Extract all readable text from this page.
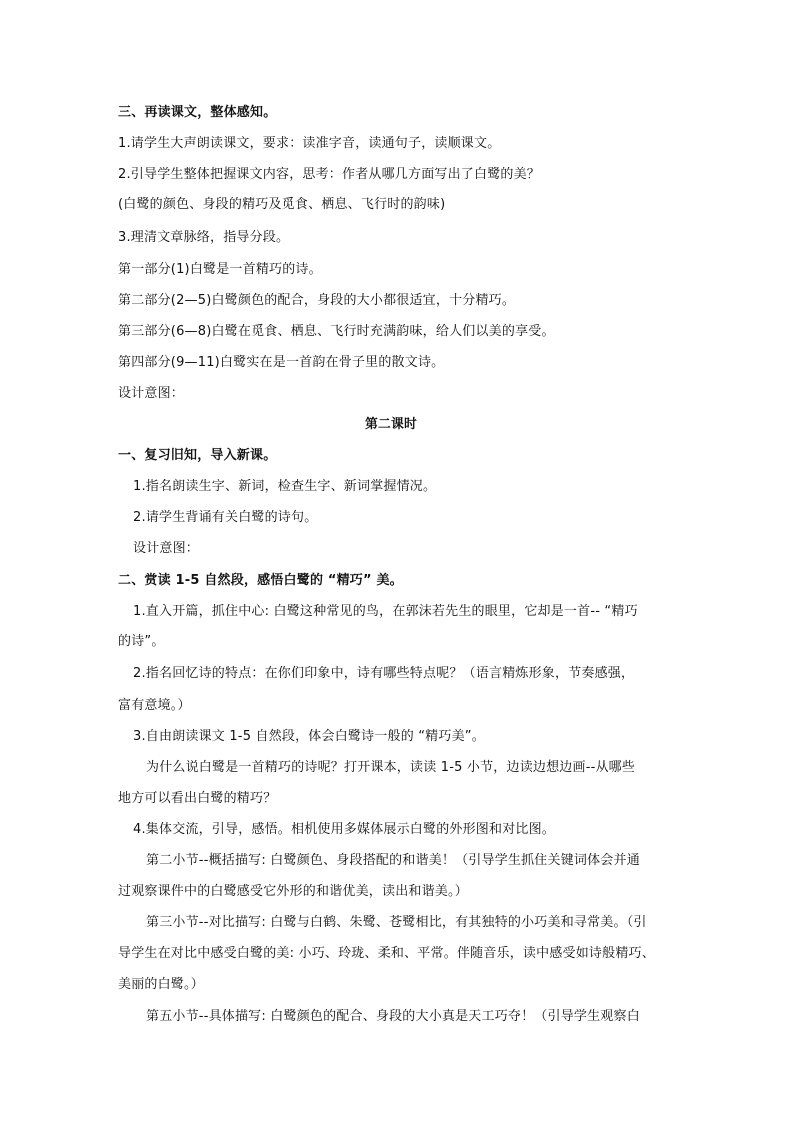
三、再读课文，整体感知。
1.请学生大声朗读课文，要求：读准字音，读通句子，读顺课文。
2.引导学生整体把握课文内容，思考：作者从哪几方面写出了白鹭的美？
(白鹭的颜色、身段的精巧及觅食、栖息、飞行时的韵味)
3.理清文章脉络，指导分段。
第一部分(1)白鹭是一首精巧的诗。
第二部分(2—5)白鹭颜色的配合，身段的大小都很适宜，十分精巧。
第三部分(6—8)白鹭在觅食、栖息、飞行时充满韵味，给人们以美的享受。
第四部分(9—11)白鹭实在是一首韵在骨子里的散文诗。
设计意图：
第二课时
一、复习旧知，导入新课。
1.指名朗读生字、新词，检查生字、新词掌握情况。
2.请学生背诵有关白鹭的诗句。
设计意图：
二、赏读 1-5 自然段，感悟白鹭的 “精巧” 美。
1.直入开篇，抓住中心: 白鹭这种常见的鸟，在郭沫若先生的眼里，它却是一首-- “精巧
的诗”。
2.指名回忆诗的特点：在你们印象中，诗有哪些特点呢？（语言精炼形象，节奏感强，
富有意境。）
3.自由朗读课文 1-5 自然段，体会白鹭诗一般的 “精巧美”。
为什么说白鹭是一首精巧的诗呢？打开课本，读读 1-5 小节，边读边想边画--从哪些
地方可以看出白鹭的精巧？
4.集体交流，引导，感悟。相机使用多媒体展示白鹭的外形图和对比图。
第二小节--概括描写: 白鹭颜色、身段搭配的和谐美！（引导学生抓住关键词体会并通
过观察课件中的白鹭感受它外形的和谐优美，读出和谐美。）
第三小节--对比描写: 白鹭与白鹤、朱鹭、苍鹭相比，有其独特的小巧美和寻常美。（引
导学生在对比中感受白鹭的美: 小巧、玲珑、柔和、平常。伴随音乐，读中感受如诗般精巧、
美丽的白鹭。）
第五小节--具体描写: 白鹭颜色的配合、身段的大小真是天工巧夺！（引导学生观察白
